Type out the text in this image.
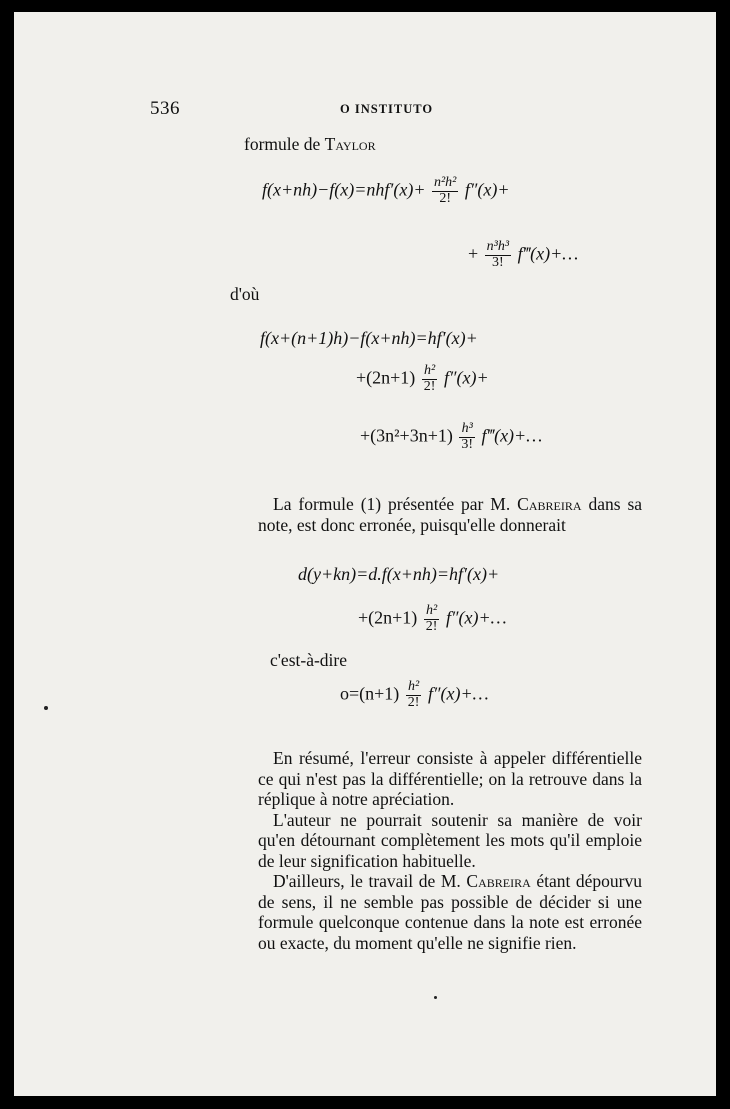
536	O INSTITUTO
formule de Taylor
$f(x+nh)-f(x)=nhf'(x)+ \frac{\text{n²h²}}{2!} f''(x)+$
+ $\frac{\text{n³h³}}{3!}$ f‴(x)+…
d'où
f(x+(n+1)h)−f(x+nh)=hf′(x)+
$+(2n+1) \frac{\text{h²}}{2!} f''(x)+$
$+(3n^2+3n+1) \frac{\text{h³}}{3!}$ f‴(x)+…

La formule (1) présentée par M. Cabreira dans sa note, est donc erronée, puisqu'elle donnerait

d(y+kn)=d.f(x+nh)=hf′(x)+
$+(2n+1) \frac{\text{h²}}{2!}$ f″(x)+…
c'est-à-dire
$o=(n+1) \frac{\text{h²}}{2!}$ f″(x)+…

En résumé, l'erreur consiste à appeler différentielle ce qui n'est pas la différentielle; on la retrouve dans la réplique à notre apréciation.

L'auteur ne pourrait soutenir sa manière de voir qu'en détournant complètement les mots qu'il emploie de leur signification habituelle.

D'ailleurs, le travail de M. Cabreira étant dépourvu de sens, il ne semble pas possible de décider si une formule quelconque contenue dans la note est erronée ou exacte, du moment qu'elle ne signifie rien.
